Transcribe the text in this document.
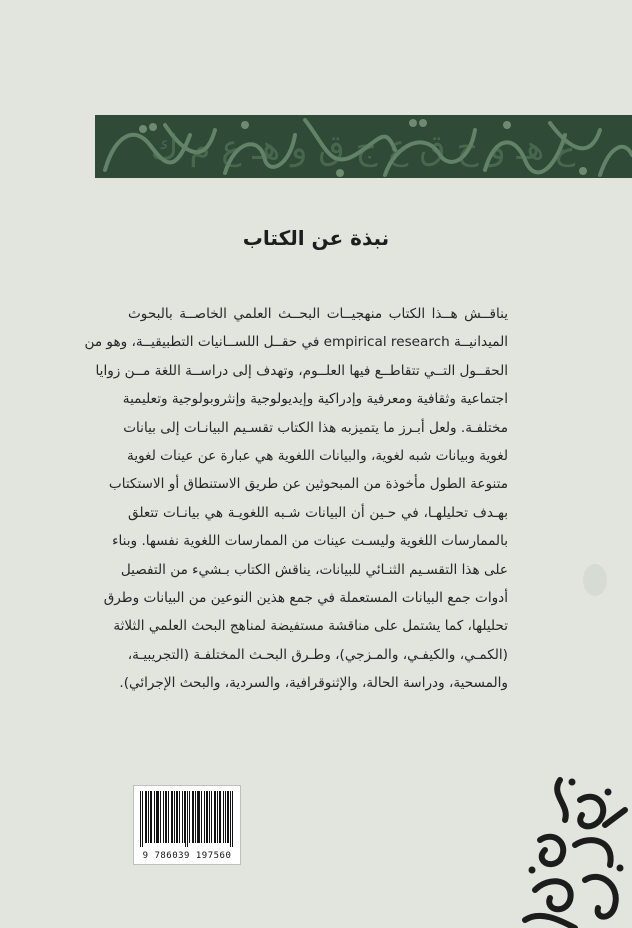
ع هـ و ح ق ع ج ق و هـ ع م ك
نبذة عن الكتاب
يناقــش هــذا الكتاب منهجيــات البحــث العلمي الخاصــة بالبحوث
الميدانيــة empirical research في حقــل اللســانيات التطبيقيــة، وهو من
الحقــول التــي تتقاطــع فيها العلــوم، وتهدف إلى دراســة اللغة مــن زوايا
اجتماعية وثقافية ومعرفية وإدراكية وإيديولوجية وإنثروبولوجية وتعليمية
مختلفـة. ولعل أبـرز ما يتميزبه هذا الكتاب تقسـيم البيانـات إلى بيانات
لغوية وبيانات شبه لغوية، والبيانات اللغوية هي عبارة عن عينات لغوية
متنوعة الطول مأخوذة من المبحوثين عن طريق الاستنطاق أو الاستكتاب
بهـدف تحليلهـا، في حـين أن البيانات شـبه اللغويـة هي بيانـات تتعلق
بالممارسات اللغوية وليسـت عينات من الممارسات اللغوية نفسها. وبناء
على هذا التقسـيم الثنـائي للبيانات، يناقش الكتاب بـشيء من التفصيل
أدوات جمع البيانات المستعملة في جمع هذين النوعين من البيانات وطرق
تحليلها، كما يشتمل على مناقشة مستفيضة لمناهج البحث العلمي الثلاثة
(الكمـي، والكيفـي، والمـزجي)، وطـرق البحـث المختلفـة (التجريبيـة،
والمسحية، ودراسة الحالة، والإثنوقرافية، والسردية، والبحث الإجرائي).
9 786039 197560
